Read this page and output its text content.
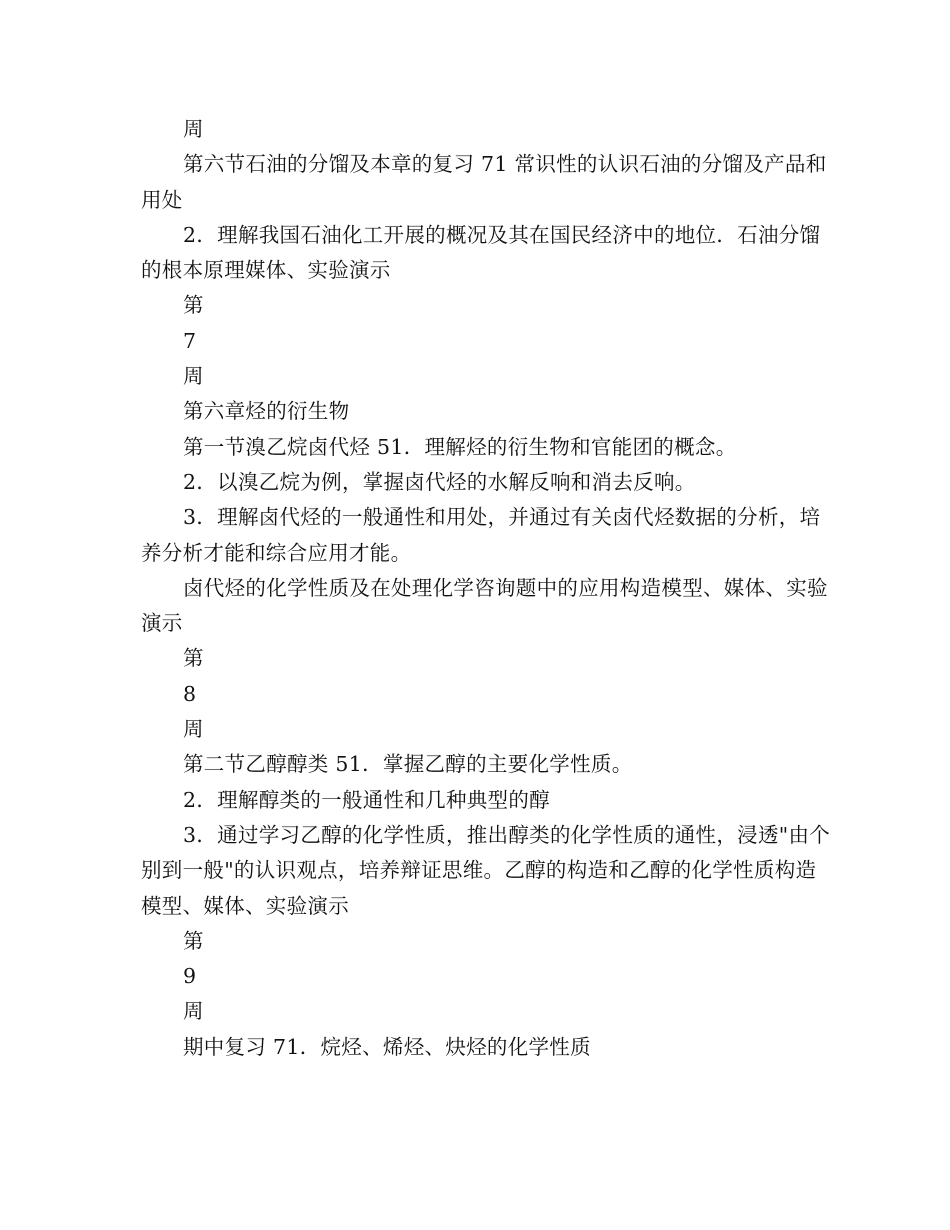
周

第六节石油的分馏及本章的复习 71 常识性的认识石油的分馏及产品和用处

2．理解我国石油化工开展的概况及其在国民经济中的地位．石油分馏的根本原理媒体、实验演示

第

7

周

第六章烃的衍生物

第一节溴乙烷卤代烃 51．理解烃的衍生物和官能团的概念。

2．以溴乙烷为例，掌握卤代烃的水解反响和消去反响。

3．理解卤代烃的一般通性和用处，并通过有关卤代烃数据的分析，培养分析才能和综合应用才能。

卤代烃的化学性质及在处理化学咨询题中的应用构造模型、媒体、实验演示

第

8

周

第二节乙醇醇类 51．掌握乙醇的主要化学性质。

2．理解醇类的一般通性和几种典型的醇

3．通过学习乙醇的化学性质，推出醇类的化学性质的通性，浸透"由个别到一般"的认识观点，培养辩证思维。乙醇的构造和乙醇的化学性质构造模型、媒体、实验演示

第

9

周

期中复习 71．烷烃、烯烃、炔烃的化学性质
